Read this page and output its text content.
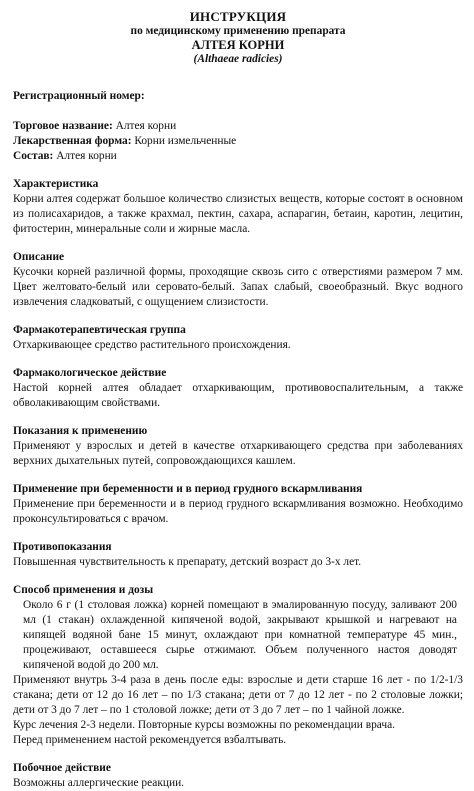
ИНСТРУКЦИЯ
по медицинскому применению препарата
АЛТЕЯ КОРНИ
(Althaeae radicies)
Регистрационный номер:
Торговое название: Алтея корни
Лекарственная форма: Корни измельченные
Состав: Алтея корни
Характеристика
Корни алтея содержат большое количество слизистых веществ, которые состоят в основном из полисахаридов, а также крахмал, пектин, сахара, аспарагин, бетаин, каротин, лецитин, фитостерин, минеральные соли и жирные масла.
Описание
Кусочки корней различной формы, проходящие сквозь сито с отверстиями размером 7 мм. Цвет желтовато-белый или серовато-белый. Запах слабый, своеобразный. Вкус водного извлечения сладковатый, с ощущением слизистости.
Фармакотерапевтическая группа
Отхаркивающее средство растительного происхождения.
Фармакологическое действие
Настой корней алтея обладает отхаркивающим, противовоспалительным, а также обволакивающим свойствами.
Показания к применению
Применяют у взрослых и детей в качестве отхаркивающего средства при заболеваниях верхних дыхательных путей, сопровождающихся кашлем.
Применение при беременности и в период грудного вскармливания
Применение при беременности и в период грудного вскармливания возможно. Необходимо проконсультироваться с врачом.
Противопоказания
Повышенная чувствительность к препарату, детский возраст до 3-х лет.
Способ применения и дозы
Около 6 г (1 столовая ложка) корней помещают в эмалированную посуду, заливают 200 мл (1 стакан) охлажденной кипяченой водой, закрывают крышкой и нагревают на кипящей водяной бане 15 минут, охлаждают при комнатной температуре 45 мин., процеживают, оставшееся сырье отжимают. Объем полученного настоя доводят кипяченой водой до 200 мл.
Применяют внутрь 3-4 раза в день после еды: взрослые и дети старше 16 лет - по 1/2-1/3 стакана; дети от 12 до 16 лет – по 1/3 стакана; дети от 7 до 12 лет - по 2 столовые ложки; дети от 3 до 7 лет – по 1 столовой ложке; дети от 3 до 7 лет – по 1 чайной ложке.
Курс лечения 2-3 недели. Повторные курсы возможны по рекомендации врача.
Перед применением настой рекомендуется взбалтывать.
Побочное действие
Возможны аллергические реакции.
